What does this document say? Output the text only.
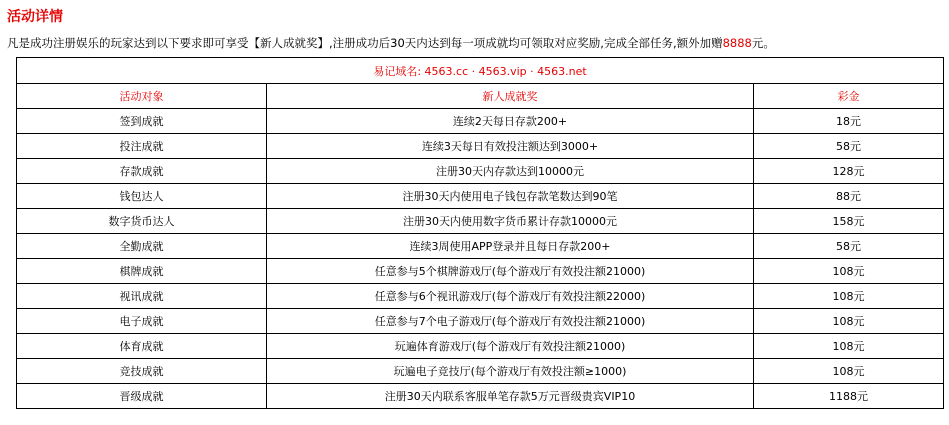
活动详情
凡是成功注册娱乐的玩家达到以下要求即可享受【新人成就奖】,注册成功后30天内达到每一项成就均可领取对应奖励,完成全部任务,额外加赠8888元。
易记域名: 4563.cc · 4563.vip · 4563.net		
活动对象	新人成就奖	彩金
签到成就	连续2天每日存款200+	18元
投注成就	连续3天每日有效投注额达到3000+	58元
存款成就	注册30天内存款达到10000元	128元
钱包达人	注册30天内使用电子钱包存款笔数达到90笔	88元
数字货币达人	注册30天内使用数字货币累计存款10000元	158元
全勤成就	连续3周使用APP登录并且每日存款200+	58元
棋牌成就	任意参与5个棋牌游戏厅(每个游戏厅有效投注额21000)	108元
视讯成就	任意参与6个视讯游戏厅(每个游戏厅有效投注额22000)	108元
电子成就	任意参与7个电子游戏厅(每个游戏厅有效投注额21000)	108元
体育成就	玩遍体育游戏厅(每个游戏厅有效投注额21000)	108元
竞技成就	玩遍电子竞技厅(每个游戏厅有效投注额≥1000)	108元
晋级成就	注册30天内联系客服单笔存款5万元晋级贵宾VIP10	1188元
